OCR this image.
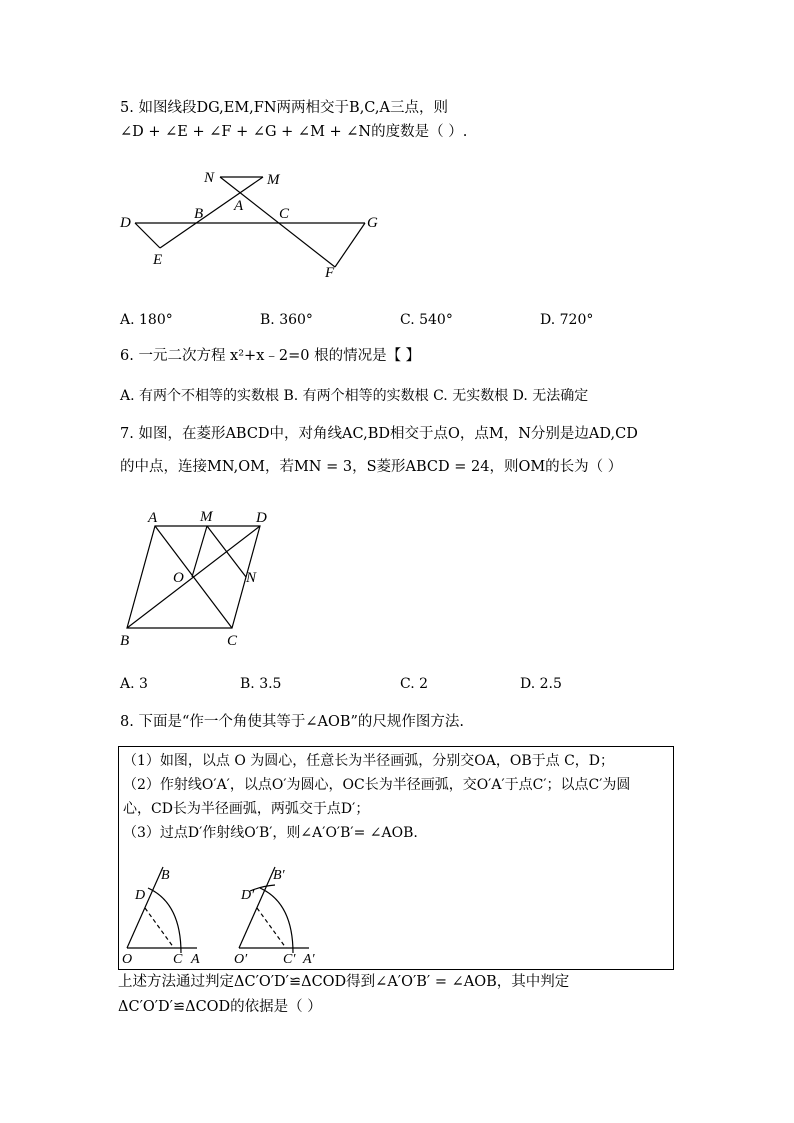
5. 如图线段DG,EM,FN两两相交于B,C,A三点，则
∠D + ∠E + ∠F + ∠G + ∠M + ∠N的度数是（ ）.
N	M
A
D
B	C
G
E
F
A. 180°	B. 360°	C. 540°	D. 720°
6. 一元二次方程 x²+x﹣2=0 根的情况是【 】
A. 有两个不相等的实数根 B. 有两个相等的实数根 C. 无实数根 D. 无法确定
7. 如图，在菱形ABCD中，对角线AC,BD相交于点O，点M，N分别是边AD,CD
的中点，连接MN,OM，若MN = 3，S菱形ABCD = 24，则OM的长为（ ）
A	M	D
O	N
B	C
A. 3	B. 3.5	C. 2	D. 2.5
8. 下面是“作一个角使其等于∠AOB”的尺规作图方法.
（1）如图，以点 O 为圆心，任意长为半径画弧，分别交OA，OB于点 C，D；
（2）作射线O′A′，以点O′为圆心，OC长为半径画弧，交O′A′于点C′；以点C′为圆
心，CD长为半径画弧，两弧交于点D′；
（3）过点D′作射线O′B′，则∠A′O′B′= ∠AOB.
B
D
O	C A
B′
D′
O′	C′ A′
上述方法通过判定ΔC′O′D′≌ΔCOD得到∠A′O′B′ = ∠AOB，其中判定
ΔC′O′D′≌ΔCOD的依据是（ ）
